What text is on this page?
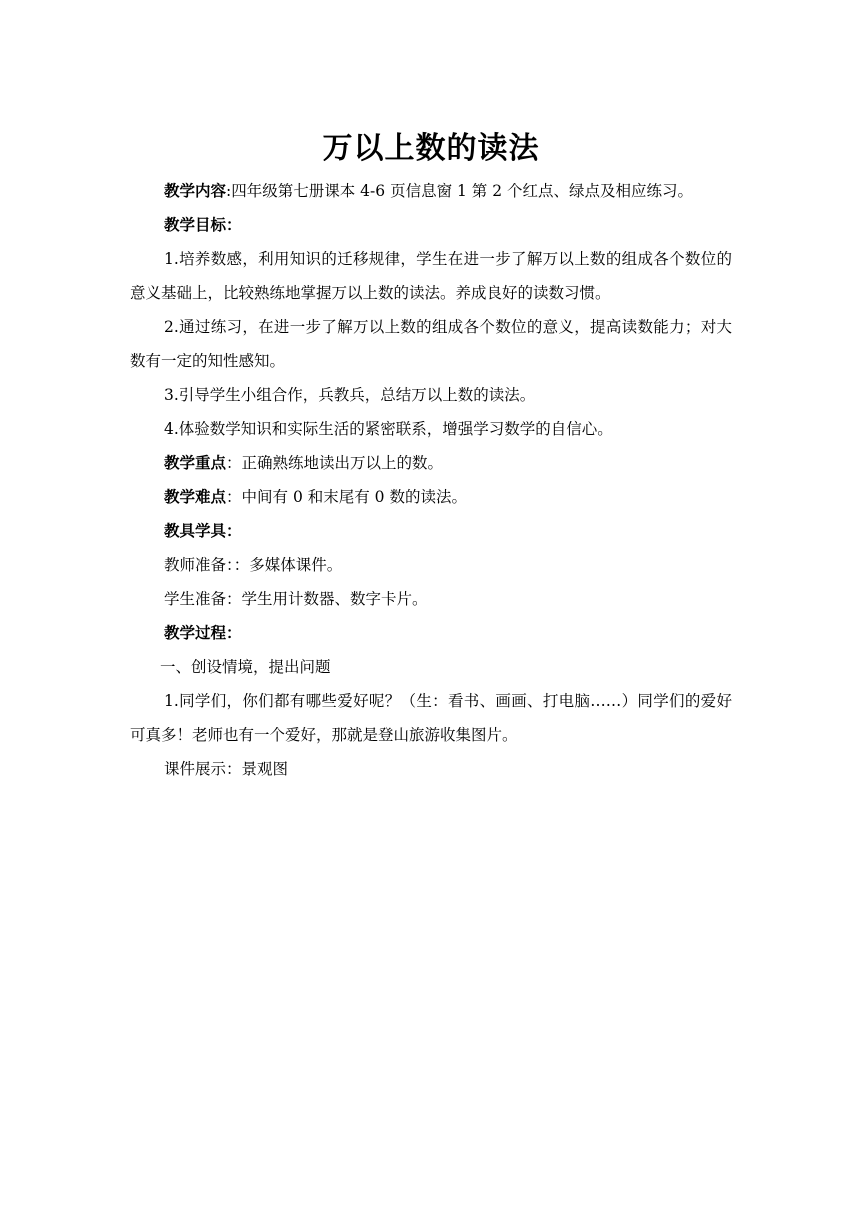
万以上数的读法

教学内容:四年级第七册课本 4-6 页信息窗 1 第 2 个红点、绿点及相应练习。

教学目标：

1.培养数感，利用知识的迁移规律，学生在进一步了解万以上数的组成各个数位的意义基础上，比较熟练地掌握万以上数的读法。养成良好的读数习惯。

2.通过练习，在进一步了解万以上数的组成各个数位的意义，提高读数能力；对大数有一定的知性感知。

3.引导学生小组合作，兵教兵，总结万以上数的读法。

4.体验数学知识和实际生活的紧密联系，增强学习数学的自信心。

教学重点：正确熟练地读出万以上的数。

教学难点：中间有 0 和末尾有 0 数的读法。

教具学具：

教师准备：：多媒体课件。

学生准备：学生用计数器、数字卡片。

教学过程：

一、创设情境，提出问题

1.同学们，你们都有哪些爱好呢？（生：看书、画画、打电脑……）同学们的爱好可真多！老师也有一个爱好，那就是登山旅游收集图片。

课件展示：景观图
